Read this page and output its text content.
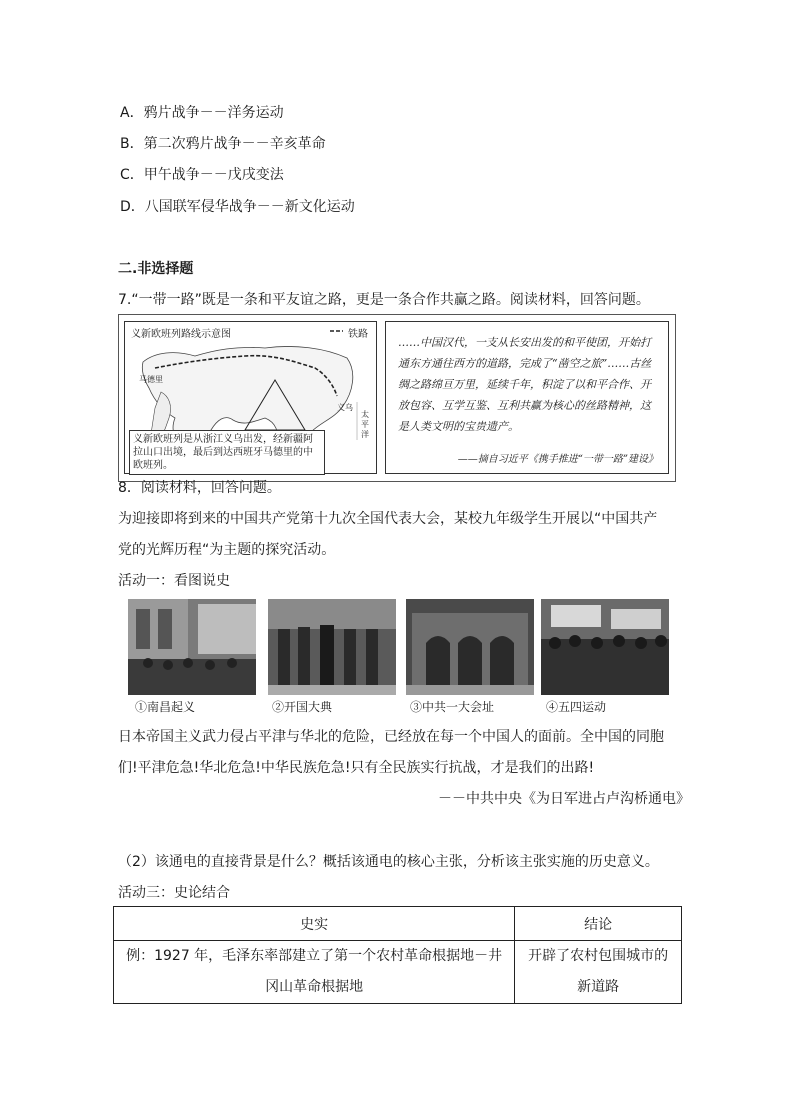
A．鸦片战争－－洋务运动
B．第二次鸦片战争－－辛亥革命
C．甲午战争－－戊戌变法
D．八国联军侵华战争－－新文化运动
二.非选择题
7.“一带一路”既是一条和平友谊之路，更是一条合作共赢之路。阅读材料，回答问题。
义新欧班列路线示意图	铁路
马德里
义乌
太平洋
义新欧班列是从浙江义乌出发，经新疆阿拉山口出境，最后到达西班牙马德里的中欧班列。
……中国汉代，一支从长安出发的和平使团，开始打通东方通往西方的道路，完成了“凿空之旅”……古丝绸之路绵亘万里，延续千年，积淀了以和平合作、开放包容、互学互鉴、互利共赢为核心的丝路精神，这是人类文明的宝贵遗产。
——摘自习近平《携手推进“一带一路”建设》
8．阅读材料，回答问题。
为迎接即将到来的中国共产党第十九次全国代表大会，某校九年级学生开展以“中国共产
党的光辉历程“为主题的探究活动。
活动一：看图说史
①南昌起义	②开国大典	③中共一大会址	④五四运动
日本帝国主义武力侵占平津与华北的危险，已经放在每一个中国人的面前。全中国的同胞
们!平津危急!华北危急!中华民族危急!只有全民族实行抗战，才是我们的出路!
－－中共中央《为日军进占卢沟桥通电》
（2）该通电的直接背景是什么？概括该通电的核心主张，分析该主张实施的历史意义。
活动三：史论结合
史实	结论
例：1927 年，毛泽东率部建立了第一个农村革命根据地－井冈山革命根据地	开辟了农村包围城市的新道路
